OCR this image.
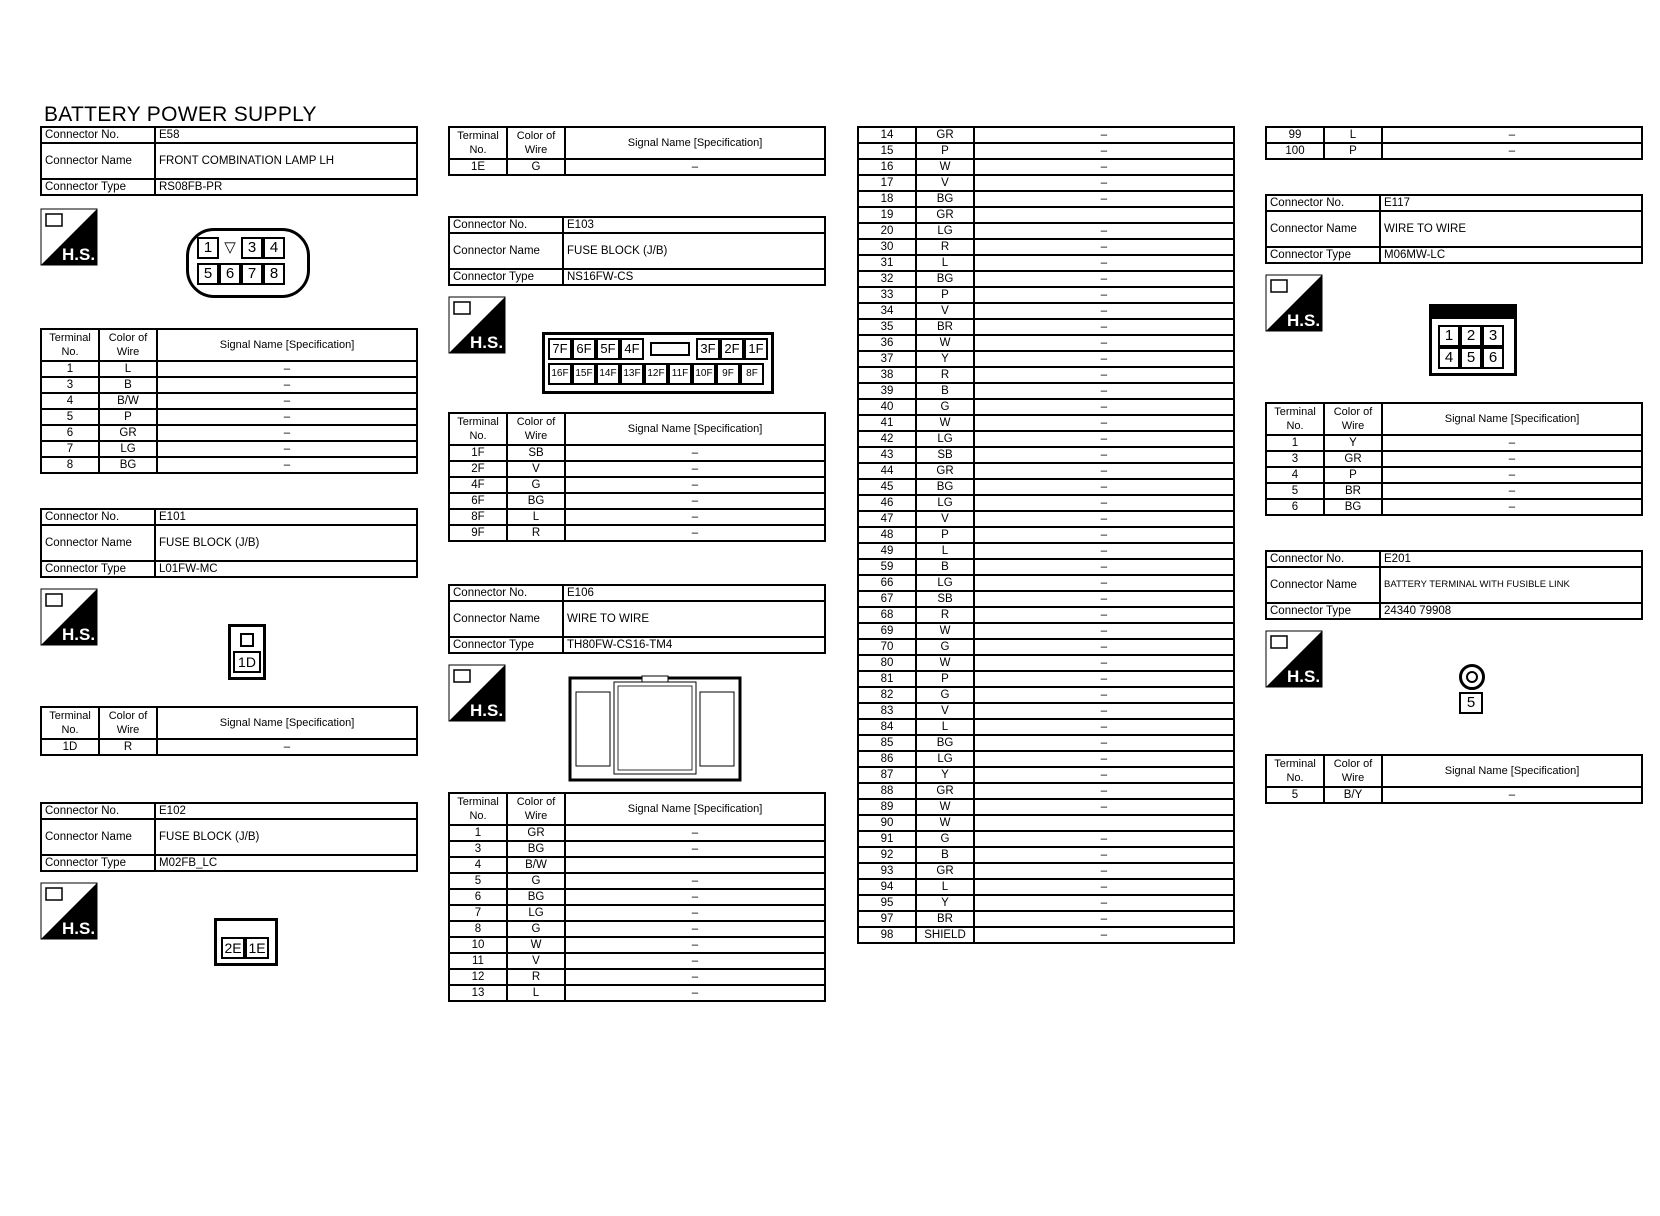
BATTERY POWER SUPPLY
Connector No.	E58
Connector Name	FRONT COMBINATION LAMP LH
Connector Type	RS08FB-PR
H.S.	1 ▽ 3 4
5 6 7 8
Terminal No.	Color of Wire	Signal Name [Specification]
1	L	–
3	B	–
4	B/W	–
5	P	–
6	GR	–
7	LG	–
8	BG	–
Connector No.	E101
Connector Name	FUSE BLOCK (J/B)
Connector Type	L01FW-MC
H.S.
1D
Terminal No.	Color of Wire	Signal Name [Specification]
1D	R	–
Connector No.	E102
Connector Name	FUSE BLOCK (J/B)
Connector Type	M02FB_LC
H.S.
2E 1E
Terminal No.	Color of Wire	Signal Name [Specification]
1E	G	–
Connector No.	E103
Connector Name	FUSE BLOCK (J/B)
Connector Type	NS16FW-CS
H.S.	7F 6F 5F 4F	3F 2F 1F
16F 15F 14F 13F 12F 11F 10F 9F 8F
Terminal No.	Color of Wire	Signal Name [Specification]
1F	SB	–
2F	V	–
4F	G	–
6F	BG	–
8F	L	–
9F	R	–
Connector No.	E106
Connector Name	WIRE TO WIRE
Connector Type	TH80FW-CS16-TM4
H.S.
Terminal No.	Color of Wire	Signal Name [Specification]
1	GR	–
3	BG	–
4	B/W	
5	G	–
6	BG	–
7	LG	–
8	G	–
10	W	–
11	V	–
12	R	–
13	L	–
14	GR	–
15	P	–
16	W	–
17	V	–
18	BG	–
19	GR	
20	LG	–
30	R	–
31	L	–
32	BG	–
33	P	–
34	V	–
35	BR	–
36	W	–
37	Y	–
38	R	–
39	B	–
40	G	–
41	W	–
42	LG	–
43	SB	–
44	GR	–
45	BG	–
46	LG	–
47	V	–
48	P	–
49	L	–
59	B	–
66	LG	–
67	SB	–
68	R	–
69	W	–
70	G	–
80	W	–
81	P	–
82	G	–
83	V	–
84	L	–
85	BG	–
86	LG	–
87	Y	–
88	GR	–
89	W	–
90	W	
91	G	–
92	B	–
93	GR	–
94	L	–
95	Y	–
97	BR	–
98	SHIELD	–
99	L	–
100	P	–
Connector No.	E117
Connector Name	WIRE TO WIRE
Connector Type	M06MW-LC
H.S.
1 2 3
4 5 6
Terminal No.	Color of Wire	Signal Name [Specification]
1	Y	–
3	GR	–
4	P	–
5	BR	–
6	BG	–
Connector No.	E201
Connector Name	BATTERY TERMINAL WITH FUSIBLE LINK
Connector Type	24340 79908
H.S.
5
Terminal No.	Color of Wire	Signal Name [Specification]
5	B/Y	–
